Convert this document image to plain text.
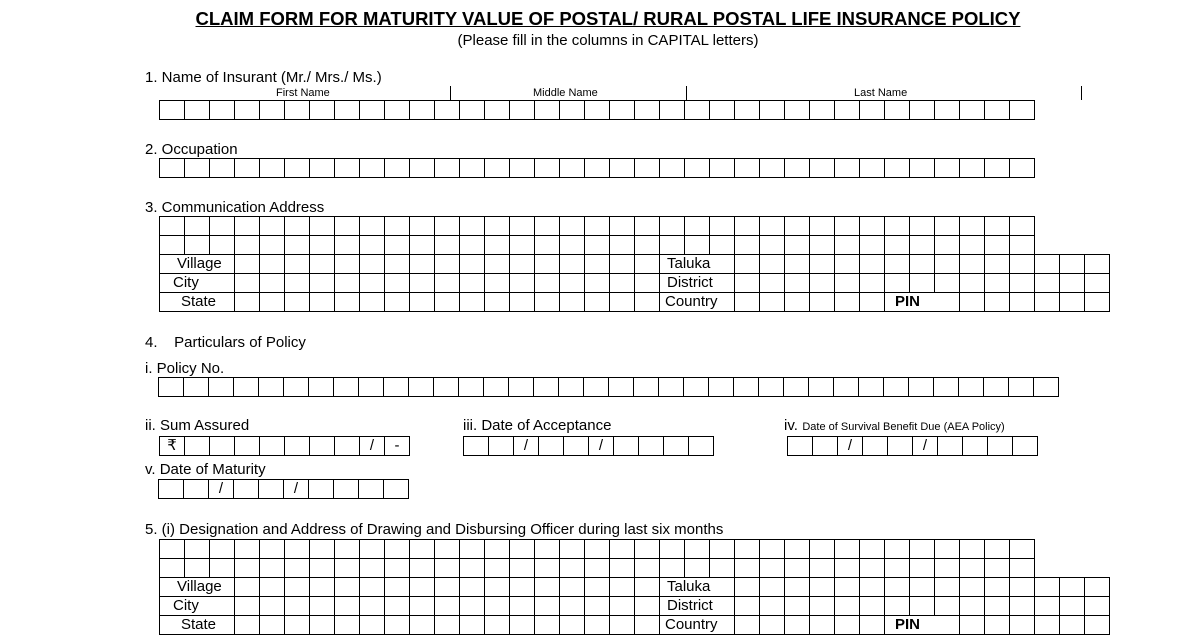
CLAIM FORM FOR MATURITY VALUE OF POSTAL/ RURAL POSTAL LIFE INSURANCE POLICY
(Please fill in the columns in CAPITAL letters)
1. Name of Insurant (Mr./ Mrs./ Ms.)
First Name	Middle Name	Last Name

2. Occupation

3. Communication Address

Village																				Taluka																	
City																				District																	
State																				Country									PIN								
4.    Particulars of Policy
i. Policy No.

ii. Sum Assured
₹								/	-
iii. Date of Acceptance
		/			/				
iv. Date of Survival Benefit Due (AEA Policy)
		/			/				
v. Date of Maturity
		/			/				
5. (i) Designation and Address of Drawing and Disbursing Officer during last six months

Village																				Taluka																	
City																				District																	
State																				Country									PIN								
